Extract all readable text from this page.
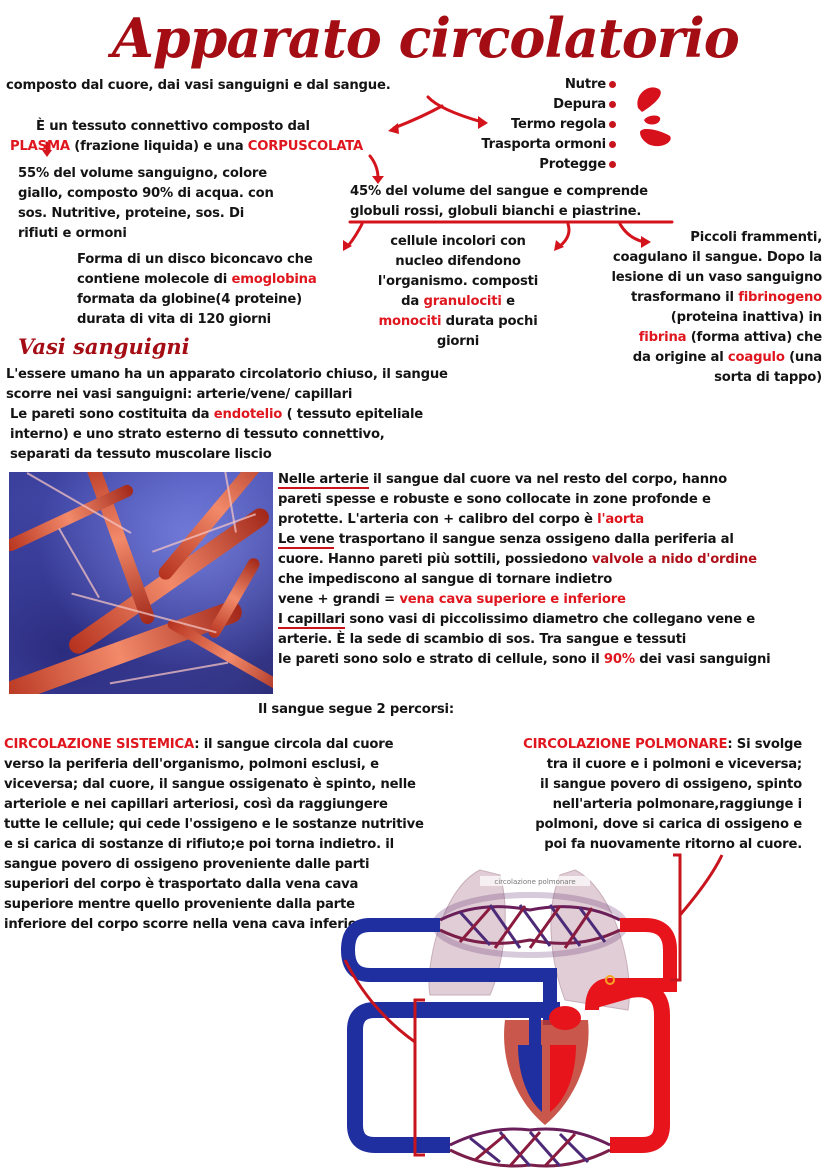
Apparato circolatorio
composto dal cuore, dai vasi sanguigni e dal sangue.	Nutre
Depura
Termo regola
Trasporta ormoni
Protegge
È un tessuto connettivo composto dal
PLASMA (frazione liquida) e una CORPUSCOLATA
55% del volume sanguigno, colore
giallo, composto 90% di acqua. con
sos. Nutritive, proteine, sos. Di
rifiuti e ormoni
45% del volume del sangue e comprende
globuli rossi, globuli bianchi e piastrine.
Forma di un disco biconcavo che
contiene molecole di emoglobina
formata da globine(4 proteine)
durata di vita di 120 giorni
cellule incolori con
nucleo difendono
l'organismo. composti
da granulociti e
monociti durata pochi
giorni
Piccoli frammenti,
coagulano il sangue. Dopo la
lesione di un vaso sanguigno
trasformano il fibrinogeno
(proteina inattiva) in
fibrina (forma attiva) che
da origine al coagulo (una
sorta di tappo)
Vasi sanguigni
L'essere umano ha un apparato circolatorio chiuso, il sangue
scorre nei vasi sanguigni: arterie/vene/ capillari
Le pareti sono costituita da endotelio ( tessuto epiteliale
interno) e uno strato esterno di tessuto connettivo,
separati da tessuto muscolare liscio
Nelle arterie il sangue dal cuore va nel resto del corpo, hanno
pareti spesse e robuste e sono collocate in zone profonde e
protette. L'arteria con + calibro del corpo è l'aorta
Le vene trasportano il sangue senza ossigeno dalla periferia al
cuore. Hanno pareti più sottili, possiedono valvole a nido d'ordine
che impediscono al sangue di tornare indietro
vene + grandi = vena cava superiore e inferiore
I capillari sono vasi di piccolissimo diametro che collegano vene e
arterie. È la sede di scambio di sos. Tra sangue e tessuti
le pareti sono solo e strato di cellule, sono il 90% dei vasi sanguigni
Il sangue segue 2 percorsi:
CIRCOLAZIONE SISTEMICA: il sangue circola dal cuore
verso la periferia dell'organismo, polmoni esclusi, e
viceversa; dal cuore, il sangue ossigenato è spinto, nelle
arteriole e nei capillari arteriosi, così da raggiungere
tutte le cellule; qui cede l'ossigeno e le sostanze nutritive
e si carica di sostanze di rifiuto;e poi torna indietro. il
sangue povero di ossigeno proveniente dalle parti
superiori del corpo è trasportato dalla vena cava
superiore mentre quello proveniente dalla parte
inferiore del corpo scorre nella vena cava inferiore.
CIRCOLAZIONE POLMONARE: Si svolge
tra il cuore e i polmoni e viceversa;
il sangue povero di ossigeno, spinto
nell'arteria polmonare,raggiunge i
polmoni, dove si carica di ossigeno e
poi fa nuovamente ritorno al cuore.
circolazione polmonare
